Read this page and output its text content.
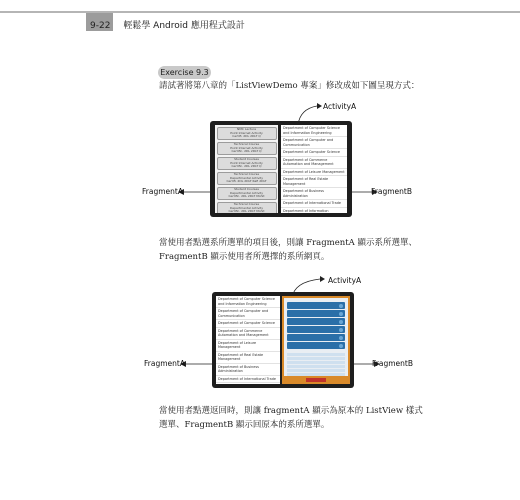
9-22 輕鬆學 Android 應用程式設計
Exercise 9.3
請試著將第八章的「ListViewDemo 專案」修改成如下圖呈現方式：
ActivityA
FragmentA	FragmentB
NMC Lecture
Point Internet Activity
Certifi. 2DL 2DLT Q

Technical Course
Point Internet Activity
Certific. 2DL 2DLT Q
Student Courses
Point Internet Activity
Certific. 2DL 2DLT Q
Technical Course
Departmental Activity
Certifi. 2DL 2DLT Rafi 2DLT
Student Courses
Departmental Activity
Certific. 2DL 2DLT Mohit
Technical Course
Departmental Activity
Certific. 2DL 2DLT Mohit
Department of Computer Science and Information Engineering
Department of Computer and Communication
Department of Computer Science
Department of Commerce Automation and Management
Department of Leisure Management
Department of Real Estate Management
Department of Business Administration
Department of International Trade
Department of Information
當使用者點選系所選單的項目後，則讓 FragmentA 顯示系所選單、
FragmentB 顯示使用者所選擇的系所網頁。
ActivityA
FragmentA	FragmentB
Department of Computer Science and Information Engineering
Department of Computer and Communication
Department of Computer Science
Department of Commerce Automation and Management
Department of Leisure Management
Department of Real Estate Management
Department of Business Administration
Department of International Trade
當使用者點選返回時，則讓 fragmentA 顯示為原本的 ListView 樣式
選單、FragmentB 顯示回原本的系所選單。
